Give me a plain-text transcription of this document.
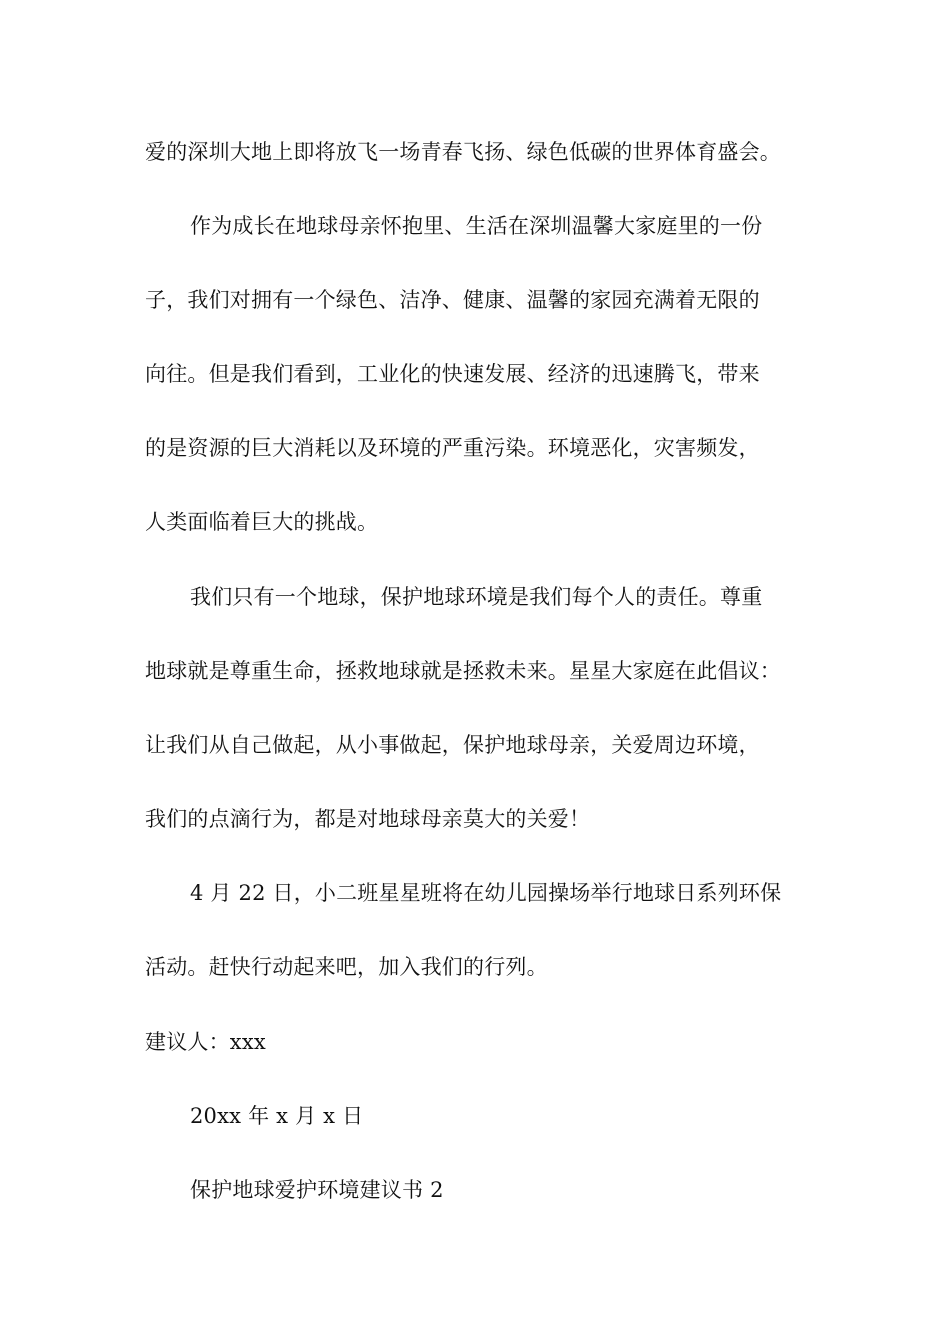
爱的深圳大地上即将放飞一场青春飞扬、绿色低碳的世界体育盛会。
作为成长在地球母亲怀抱里、生活在深圳温馨大家庭里的一份
子，我们对拥有一个绿色、洁净、健康、温馨的家园充满着无限的
向往。但是我们看到，工业化的快速发展、经济的迅速腾飞，带来
的是资源的巨大消耗以及环境的严重污染。环境恶化，灾害频发，
人类面临着巨大的挑战。
我们只有一个地球，保护地球环境是我们每个人的责任。尊重
地球就是尊重生命，拯救地球就是拯救未来。星星大家庭在此倡议：
让我们从自己做起，从小事做起，保护地球母亲，关爱周边环境，
我们的点滴行为，都是对地球母亲莫大的关爱！
4 月 22 日，小二班星星班将在幼儿园操场举行地球日系列环保
活动。赶快行动起来吧，加入我们的行列。
建议人：xxx
20xx 年 x 月 x 日
保护地球爱护环境建议书 2
